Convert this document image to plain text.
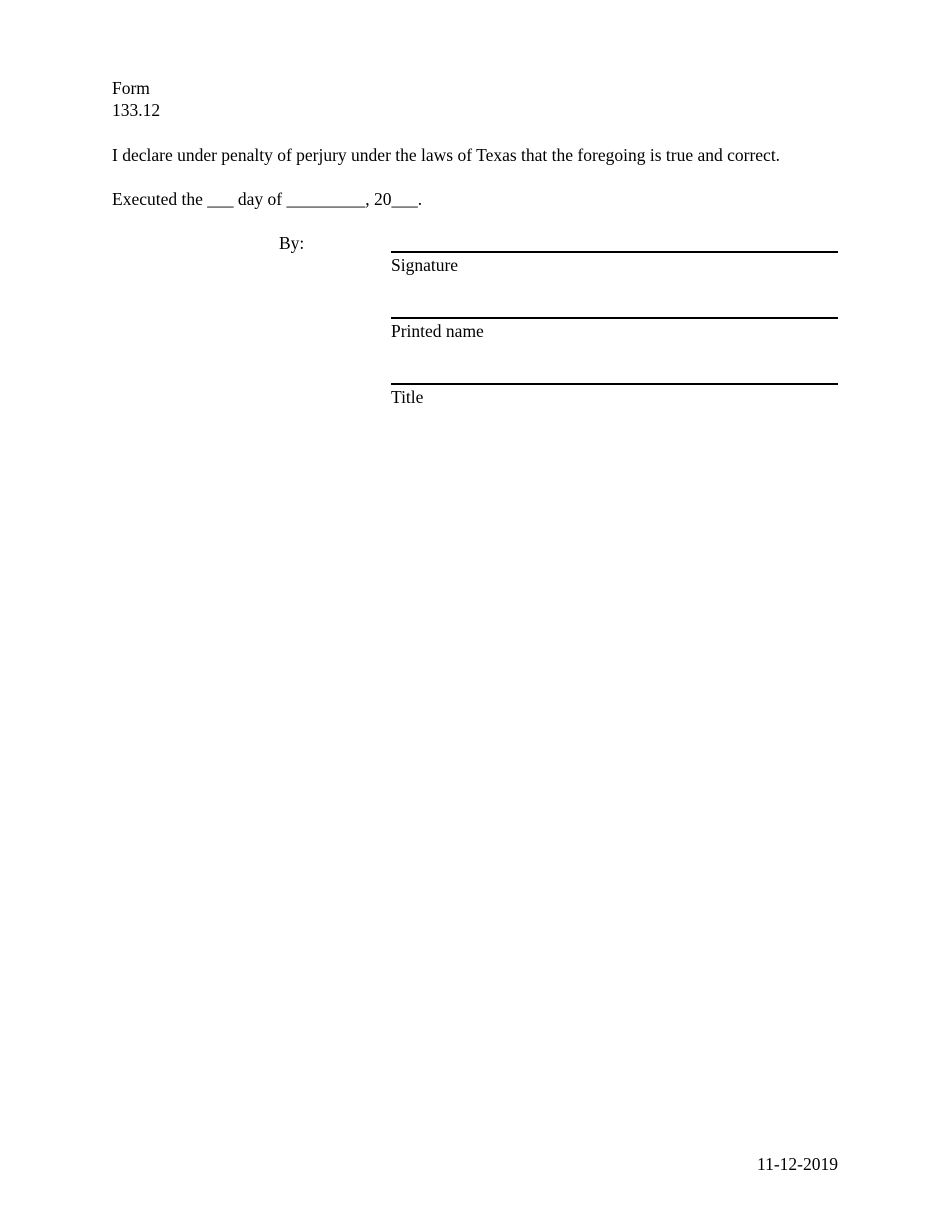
Form
133.12
I declare under penalty of perjury under the laws of Texas that the foregoing is true and correct.
Executed the ___ day of _________, 20___.
By:
Signature
Printed name
Title
11-12-2019
